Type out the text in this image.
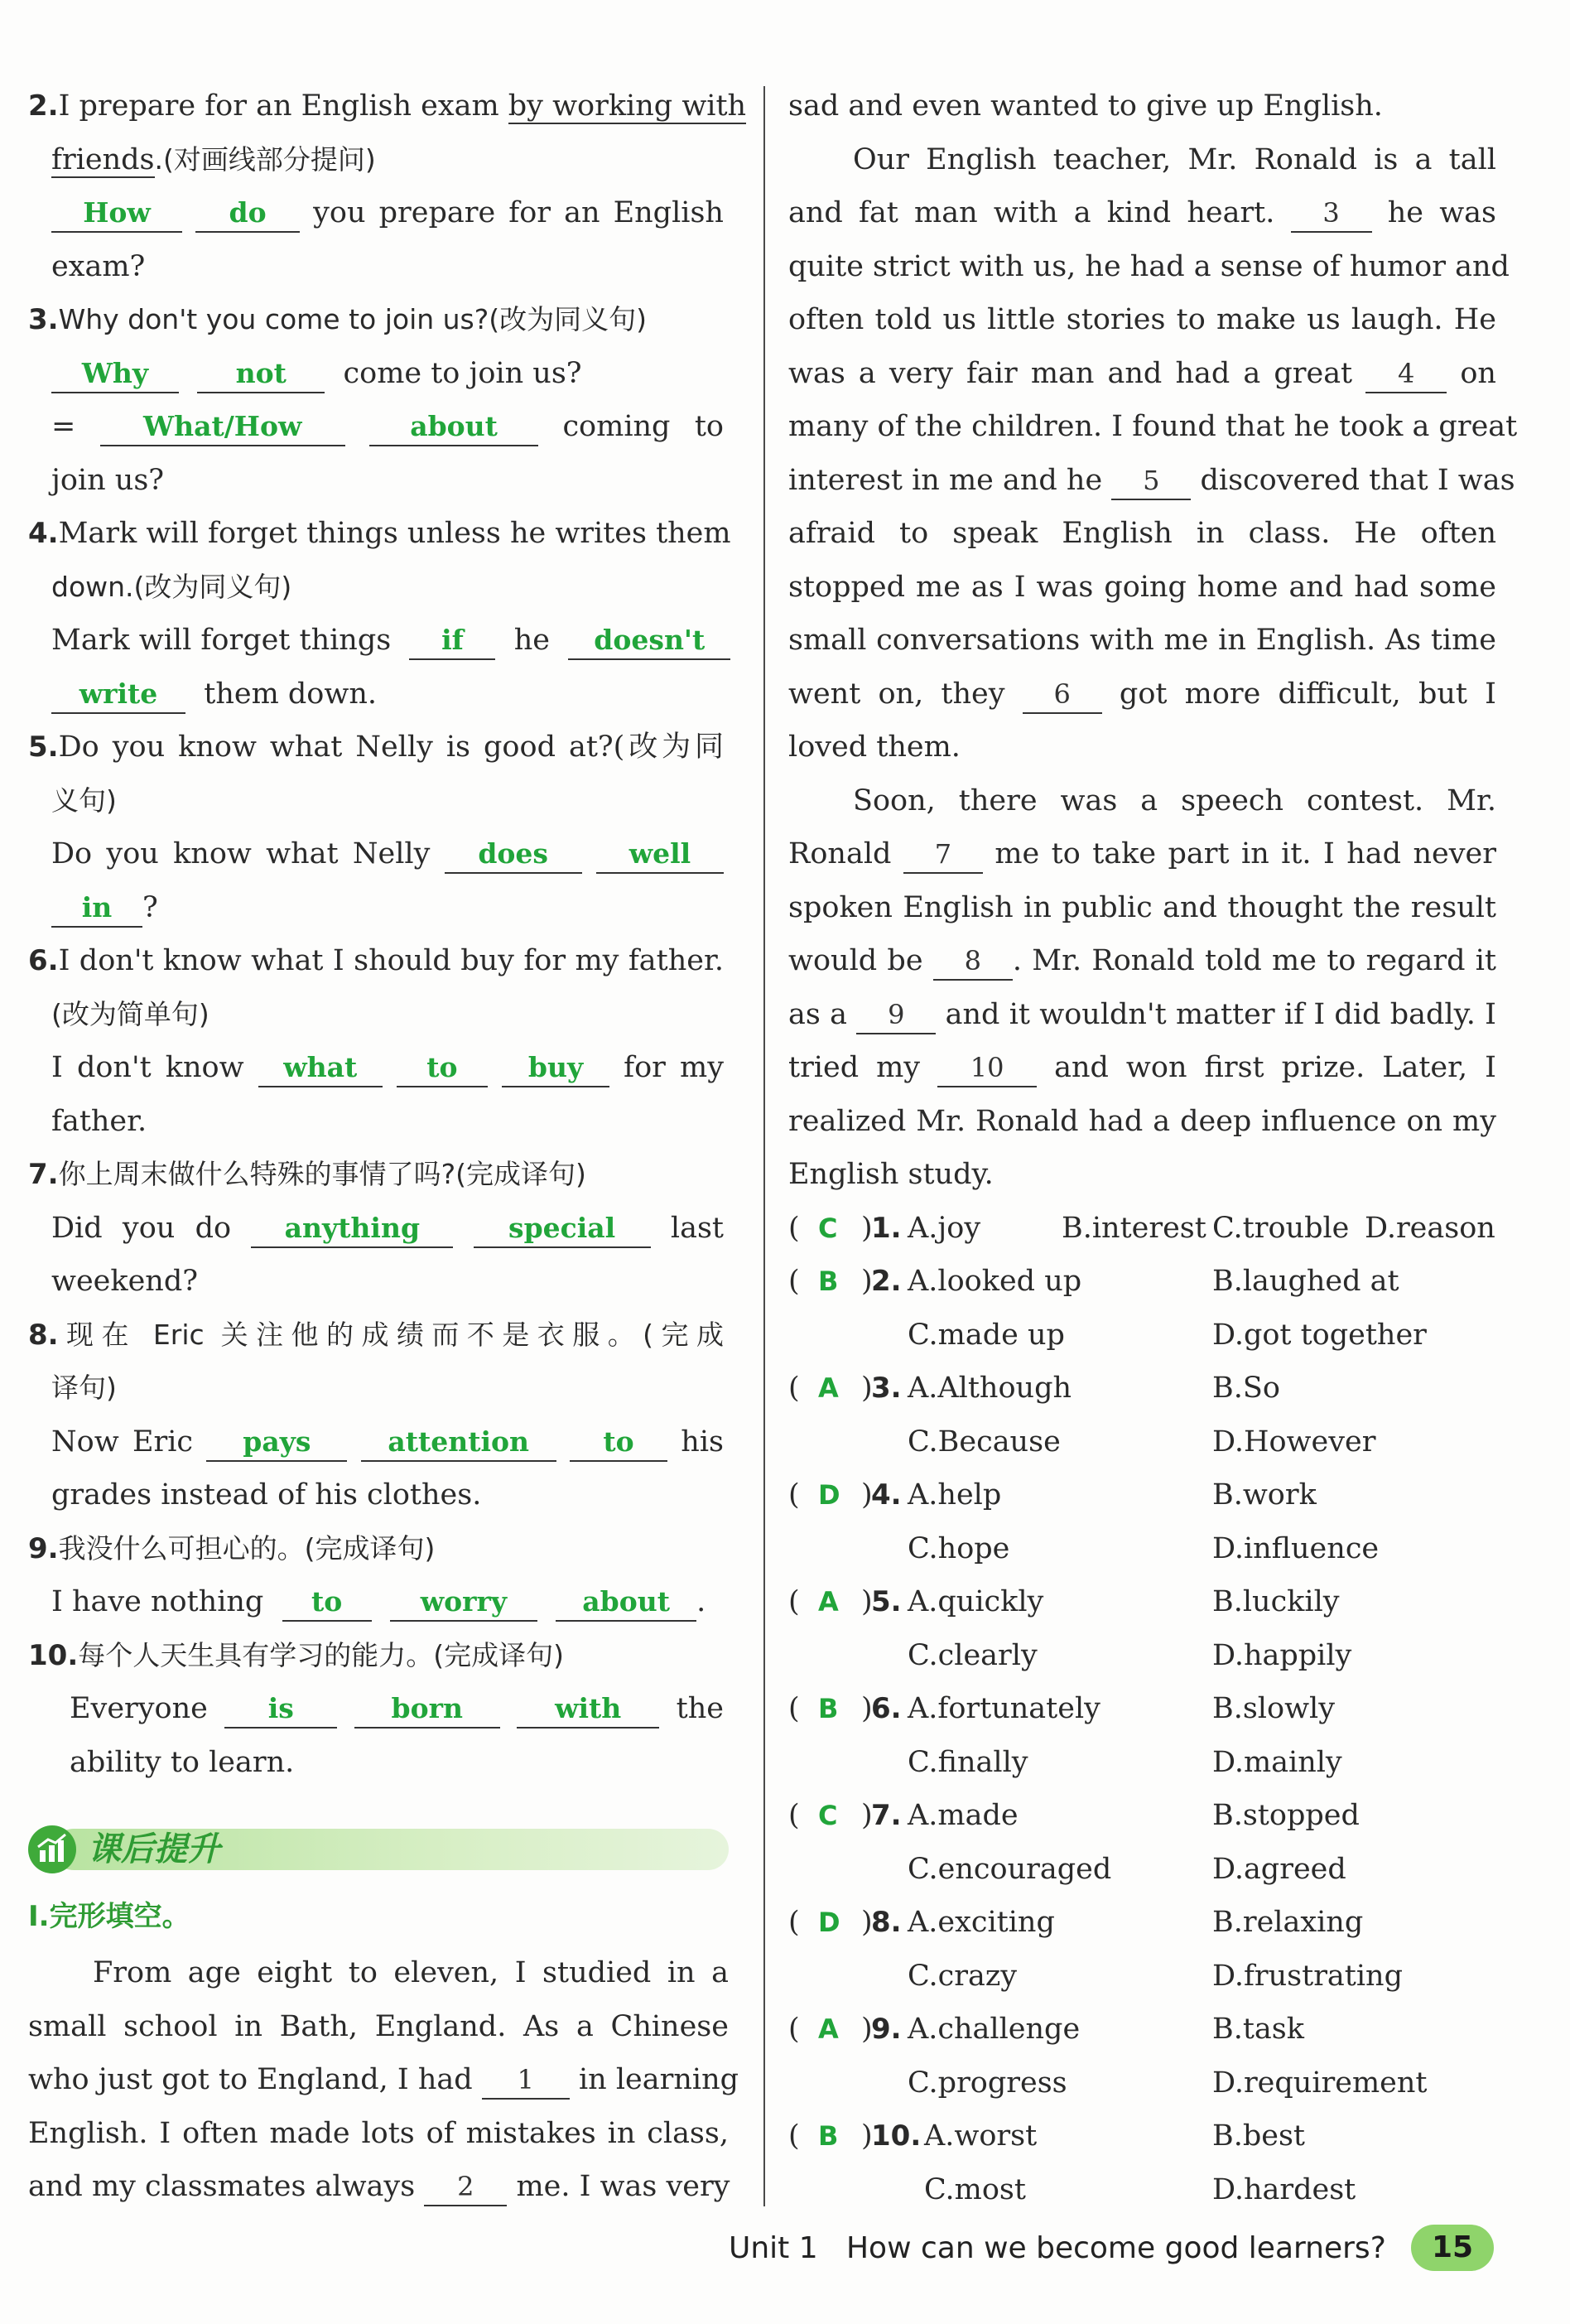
2.I prepare for an English exam by working with
friends.(对画线部分提问)
How	do you prepare for an English
exam?
3.Why don't you come to join us?(改为同义句)
Why	not come to join us?
= What/How	about coming to
join us?
4.Mark will forget things unless he writes them
down.(改为同义句)
Mark will forget things if he doesn't
write them down.
5.Do you know what Nelly is good at?(改为同
义句)
Do you know what Nelly does	well
in ?
6.I don't know what I should buy for my father.
(改为简单句)
I don't know what	to	buy for my
father.
7.你上周末做什么特殊的事情了吗?(完成译句)
Did you do anything	special last
weekend?
8.现在 Eric 关注他的成绩而不是衣服。(完成
译句)
Now Eric pays	attention	to his
grades instead of his clothes.
9.我没什么可担心的。(完成译句)
I have nothing to	worry	about .
10.每个人天生具有学习的能力。(完成译句)
Everyone is	born	with the
ability to learn.
课后提升
Ⅰ.完形填空。
From age eight to eleven, I studied in a
small school in Bath, England. As a Chinese
who just got to England, I had 1 in learning
English. I often made lots of mistakes in class,
and my classmates always 2 me. I was very
sad and even wanted to give up English.
Our English teacher, Mr. Ronald is a tall
and fat man with a kind heart. 3 he was
quite strict with us, he had a sense of humor and
often told us little stories to make us laugh. He
was a very fair man and had a great 4 on
many of the children. I found that he took a great
interest in me and he 5 discovered that I was
afraid to speak English in class. He often
stopped me as I was going home and had some
small conversations with me in English. As time
went on, they 6 got more difficult, but I
loved them.
Soon, there was a speech contest. Mr.
Ronald 7 me to take part in it. I had never
spoken English in public and thought the result
would be 8 . Mr. Ronald told me to regard it
as a 9 and it wouldn't matter if I did badly. I
tried my 10 and won first prize. Later, I
realized Mr. Ronald had a deep influence on my
English study.
( C )
1. A.joy	B.interest C.trouble D.reason
( B )
2. A.looked up	B.laughed at
C.made up	D.got together
( A )
3. A.Although	B.So
C.Because	D.However
( D )
4. A.help	B.work
C.hope	D.influence
( A )
5. A.quickly	B.luckily
C.clearly	D.happily
( B )
6. A.fortunately	B.slowly
C.finally	D.mainly
( C )
7. A.made	B.stopped
C.encouraged	D.agreed
( D )
8. A.exciting	B.relaxing
C.crazy	D.frustrating
( A )
9. A.challenge	B.task
C.progress	D.requirement
( B )
10. A.worst	B.best
C.most	D.hardest
Unit 1 How can we become good learners?	15
